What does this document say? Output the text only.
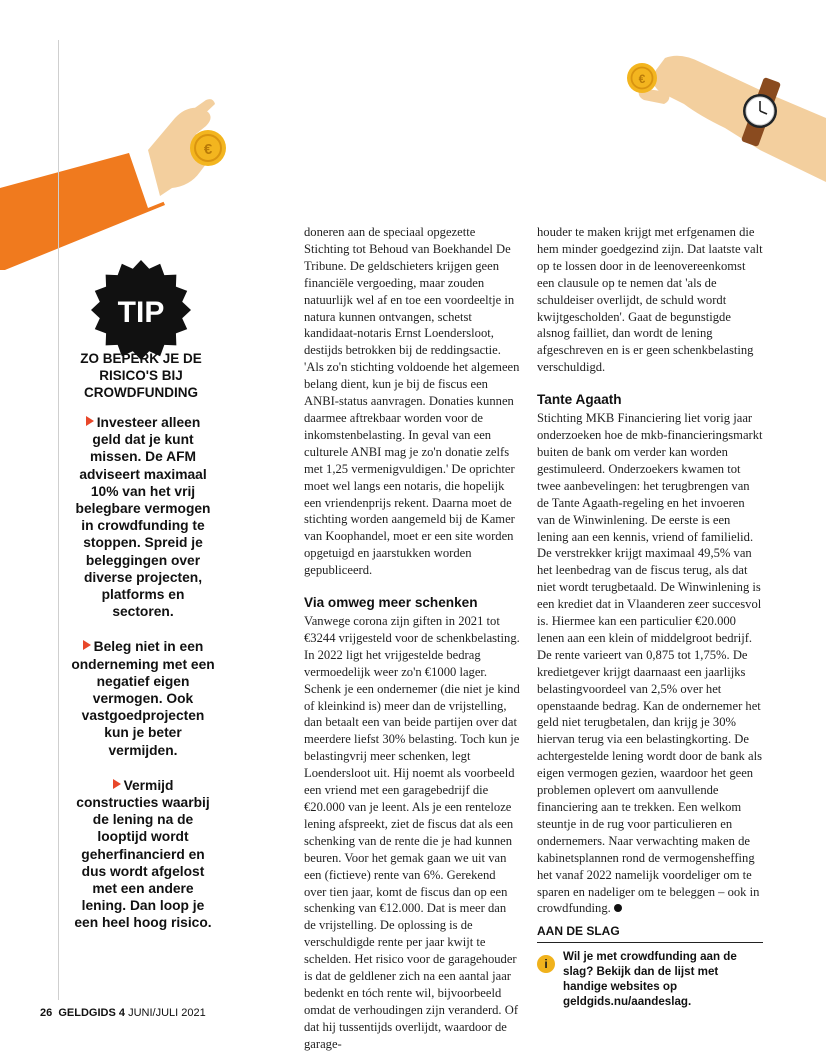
€
€
TIP
ZO BEPERK JE DE RISICO'S BIJ CROWDFUNDING
Investeer alleen geld dat je kunt missen. De AFM adviseert maximaal 10% van het vrij belegbare vermogen in crowdfunding te stoppen. Spreid je beleggingen over diverse projecten, platforms en sectoren.
Beleg niet in een onderneming met een negatief eigen vermogen. Ook vastgoedprojecten kun je beter vermijden.
Vermijd constructies waarbij de lening na de looptijd wordt geherfinancierd en dus wordt afgelost met een andere lening. Dan loop je een heel hoog risico.

doneren aan de speciaal opgezette Stichting tot Behoud van Boekhandel De Tribune. De geldschieters krijgen geen financiële vergoeding, maar zouden natuurlijk wel af en toe een voordeeltje in natura kunnen ontvangen, schetst kandidaat-notaris Ernst Loendersloot, destijds betrokken bij de reddingsactie. 'Als zo'n stichting voldoende het algemeen belang dient, kun je bij de fiscus een ANBI-status aanvragen. Donaties kunnen daarmee aftrekbaar worden voor de inkomstenbelasting. In geval van een culturele ANBI mag je zo'n donatie zelfs met 1,25 vermenigvuldigen.' De oprichter moet wel langs een notaris, die hopelijk een vriendenprijs rekent. Daarna moet de stichting worden aangemeld bij de Kamer van Koophandel, moet er een site worden opgetuigd en jaarstukken worden gepubliceerd.

Via omweg meer schenken

Vanwege corona zijn giften in 2021 tot €3244 vrijgesteld voor de schenkbelasting. In 2022 ligt het vrijgestelde bedrag vermoedelijk weer zo'n €1000 lager. Schenk je een ondernemer (die niet je kind of kleinkind is) meer dan de vrijstelling, dan betaalt een van beide partijen over dat meerdere liefst 30% belasting. Toch kun je belastingvrij meer schenken, legt Loendersloot uit. Hij noemt als voorbeeld een vriend met een garagebedrijf die €20.000 van je leent. Als je een renteloze lening afspreekt, ziet de fiscus dat als een schenking van de rente die je had kunnen beuren. Voor het gemak gaan we uit van een (fictieve) rente van 6%. Gerekend over tien jaar, komt de fiscus dan op een schenking van €12.000. Dat is meer dan de vrijstelling. De oplossing is de verschuldigde rente per jaar kwijt te schelden. Het risico voor de garagehouder is dat de geldlener zich na een aantal jaar bedenkt en tóch rente wil, bijvoorbeeld omdat de verhoudingen zijn veranderd. Of dat hij tussentijds overlijdt, waardoor de garage-

houder te maken krijgt met erfgenamen die hem minder goedgezind zijn. Dat laatste valt op te lossen door in de leenovereenkomst een clausule op te nemen dat 'als de schuldeiser overlijdt, de schuld wordt kwijtgescholden'. Gaat de begunstigde alsnog failliet, dan wordt de lening afgeschreven en is er geen schenkbelasting verschuldigd.

Tante Agaath

Stichting MKB Financiering liet vorig jaar onderzoeken hoe de mkb-financieringsmarkt buiten de bank om verder kan worden gestimuleerd. Onderzoekers kwamen tot twee aanbevelingen: het terugbrengen van de Tante Agaath-regeling en het invoeren van de Winwinlening. De eerste is een lening aan een kennis, vriend of familielid. De verstrekker krijgt maximaal 49,5% van het leenbedrag van de fiscus terug, als dat niet wordt terugbetaald. De Winwinlening is een krediet dat in Vlaanderen zeer succesvol is. Hiermee kan een particulier €20.000 lenen aan een klein of middelgroot bedrijf. De rente varieert van 0,875 tot 1,75%. De kredietgever krijgt daarnaast een jaarlijks belastingvoordeel van 2,5% over het openstaande bedrag. Kan de ondernemer het geld niet terugbetalen, dan krijg je 30% hiervan terug via een belastingkorting. De achtergestelde lening wordt door de bank als eigen vermogen gezien, waardoor het geen problemen oplevert om aanvullende financiering aan te trekken. Een welkom steuntje in de rug voor particulieren en ondernemers. Naar verwachting maken de kabinetsplannen rond de vermogensheffing het vanaf 2022 namelijk voordeliger om te sparen en nadeliger om te beleggen – ook in crowdfunding.

AAN DE SLAG
i
Wil je met crowdfunding aan de slag? Bekijk dan de lijst met handige websites op geldgids.nu/aandeslag.
26 GELDGIDS 4 JUNI/JULI 2021
